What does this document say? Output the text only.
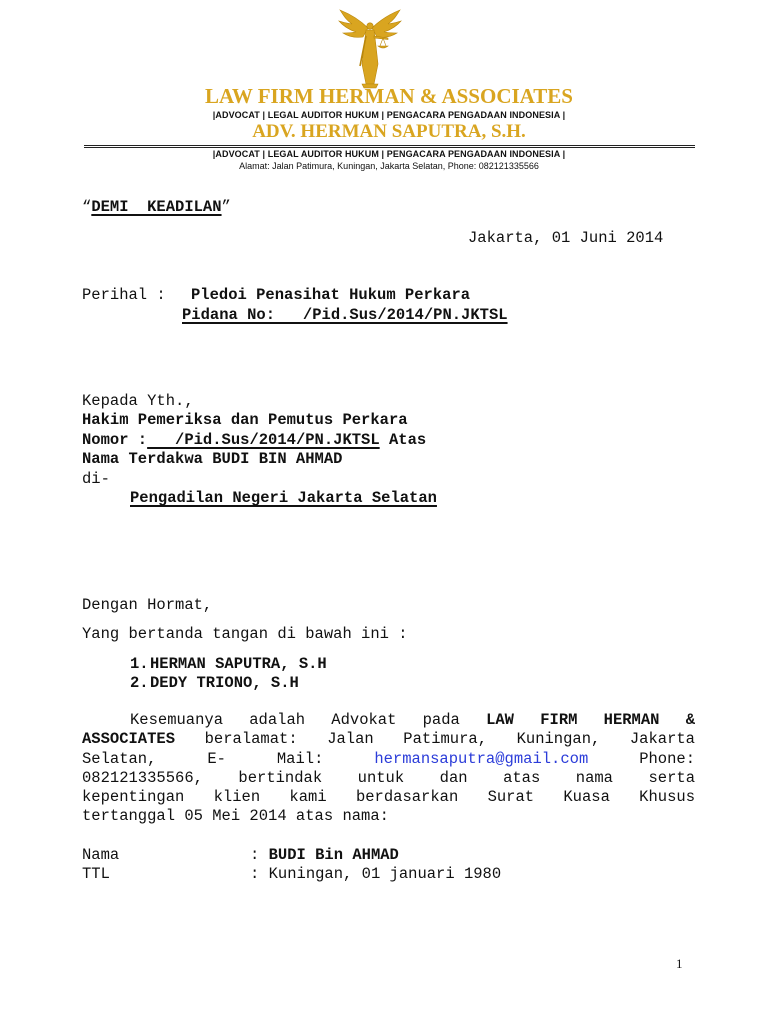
LAW FIRM HERMAN & ASSOCIATES
|ADVOCAT | LEGAL AUDITOR HUKUM | PENGACARA PENGADAAN INDONESIA |
ADV. HERMAN SAPUTRA, S.H.
|ADVOCAT | LEGAL AUDITOR HUKUM | PENGACARA PENGADAAN INDONESIA |
Alamat: Jalan Patimura, Kuningan, Jakarta Selatan, Phone: 082121335566
“DEMI  KEADILAN”
Jakarta, 01 Juni 2014
Perihal : Pledoi Penasihat Hukum Perkara
Pidana No:   /Pid.Sus/2014/PN.JKTSL
Kepada Yth.,
Hakim Pemeriksa dan Pemutus Perkara
Nomor :   /Pid.Sus/2014/PN.JKTSL Atas
Nama Terdakwa BUDI BIN AHMAD
di-
Pengadilan Negeri Jakarta Selatan
Dengan Hormat,
Yang bertanda tangan di bawah ini :
1.HERMAN SAPUTRA, S.H
2.DEDY TRIONO, S.H
Kesemuanya adalah Advokat pada LAW FIRM HERMAN &
ASSOCIATES beralamat: Jalan Patimura, Kuningan, Jakarta
Selatan, E- Mail:	hermansaputra@gmail.com	Phone:
082121335566, bertindak untuk dan atas nama serta
kepentingan klien kami berdasarkan Surat Kuasa Khusus
tertanggal 05 Mei 2014 atas nama:
Nama	: BUDI Bin AHMAD
TTL	: Kuningan, 01 januari 1980
1
